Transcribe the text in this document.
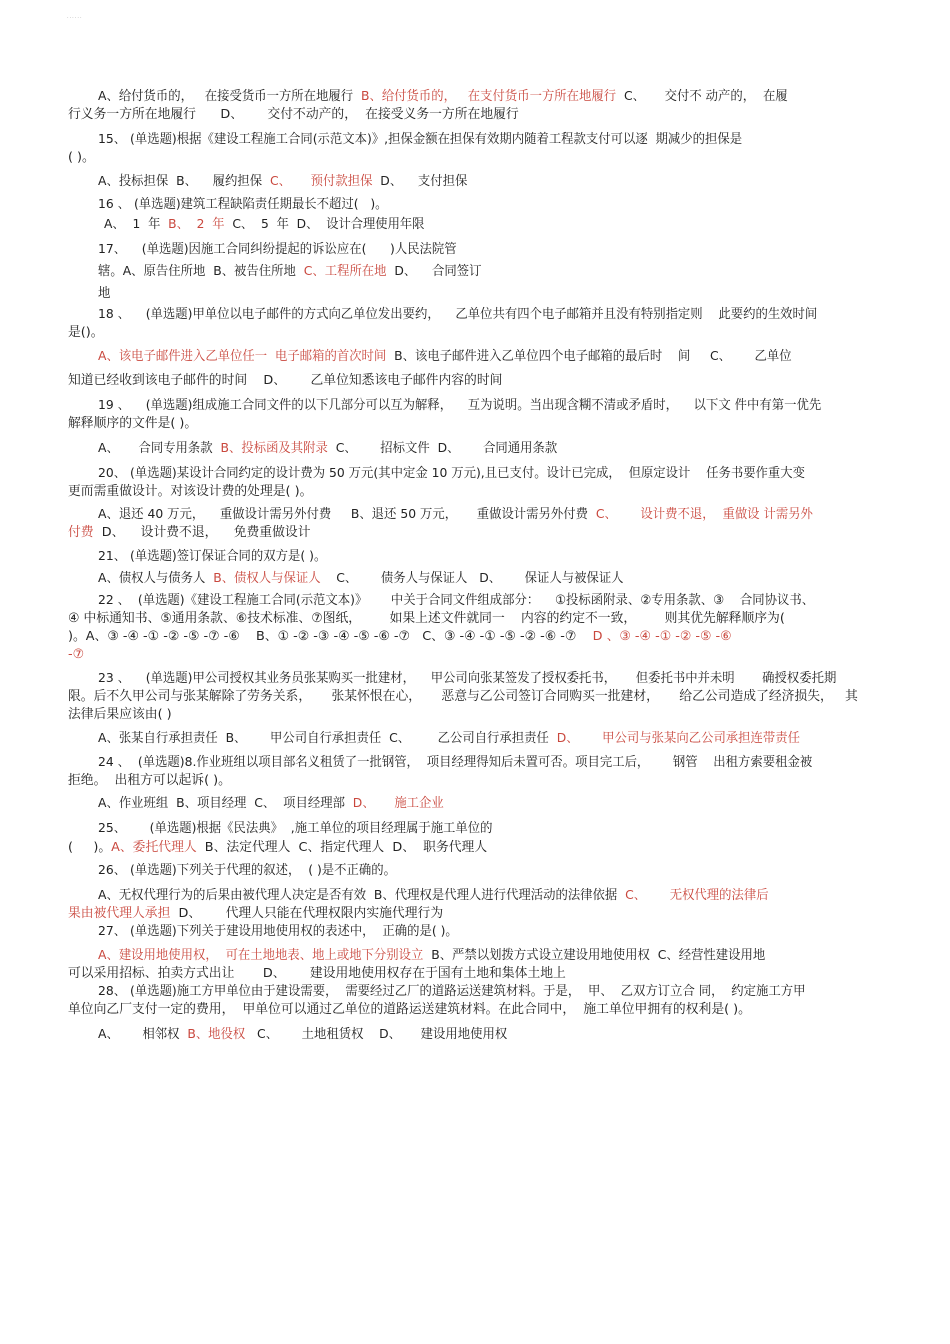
......
A、给付货币的，   在接受货币一方所在地履行  B、给付货币的，   在支付货币一方所在地履行  C、     交付不 动产的，  在履
行义务一方所在地履行      D、      交付不动产的，  在接受义务一方所在地履行
15、 (单选题)根据《建设工程施工合同(示范文本)》,担保金额在担保有效期内随着工程款支付可以逐  期减少的担保是
( )。
A、投标担保  B、    履约担保  C、     预付款担保  D、    支付担保
16 、 (单选题)建筑工程缺陷责任期最长不超过(   )。
A、  1  年  B、  2  年  C、  5  年  D、  设计合理使用年限
17、    (单选题)因施工合同纠纷提起的诉讼应在(      )人民法院管
辖。A、原告住所地  B、被告住所地  C、工程所在地  D、    合同签订
地
18 、    (单选题)甲单位以电子邮件的方式向乙单位发出要约，    乙单位共有四个电子邮箱并且没有特别指定则    此要约的生效时间
是()。
A、该电子邮件进入乙单位任一  电子邮箱的首次时间  B、该电子邮件进入乙单位四个电子邮箱的最后时    间     C、      乙单位
知道已经收到该电子邮件的时间    D、      乙单位知悉该电子邮件内容的时间
19 、    (单选题)组成施工合同文件的以下几部分可以互为解释，    互为说明。当出现含糊不清或矛盾时，    以下文 件中有第一优先
解释顺序的文件是( )。
A、     合同专用条款  B、投标函及其附录  C、      招标文件  D、      合同通用条款
20、 (单选题)某设计合同约定的设计费为 50 万元(其中定金 10 万元),且已支付。设计已完成，  但原定设计    任务书要作重大变
更而需重做设计。对该设计费的处理是( )。
A、退还 40 万元，    重做设计需另外付费     B、退还 50 万元，     重做设计需另外付费  C、      设计费不退，  重做设 计需另外
付费  D、    设计费不退，    免费重做设计
21、 (单选题)签订保证合同的双方是( )。
A、债权人与债务人  B、债权人与保证人    C、      债务人与保证人   D、      保证人与被保证人
22 、  (单选题)《建设工程施工合同(示范文本)》      中关于合同文件组成部分：    ①投标函附录、②专用条款、③    合同协议书、
④ 中标通知书、⑤通用条款、⑥技术标准、⑦图纸，       如果上述文件就同一    内容的约定不一致，       则其优先解释顺序为(
)。A、③ -④ -① -② -⑤ -⑦ -⑥    B、① -② -③ -④ -⑤ -⑥ -⑦   C、③ -④ -① -⑤ -② -⑥ -⑦    D 、③ -④ -① -② -⑤ -⑥
-⑦
23 、    (单选题)甲公司授权其业务员张某购买一批建材，    甲公司向张某签发了授权委托书，     但委托书中并未明       确授权委托期
限。后不久甲公司与张某解除了劳务关系，     张某怀恨在心，     恶意与乙公司签订合同购买一批建材，     给乙公司造成了经济损失，   其
法律后果应该由( )
A、张某自行承担责任  B、      甲公司自行承担责任  C、       乙公司自行承担责任  D、      甲公司与张某向乙公司承担连带责任
24 、  (单选题)8.作业班组以项目部名义租赁了一批钢管，  项目经理得知后未置可否。项目完工后，      钢管    出租方索要租金被
拒绝。  出租方可以起诉( )。
A、作业班组  B、项目经理  C、  项目经理部  D、     施工企业
25、      (单选题)根据《民法典》  ,施工单位的项目经理属于施工单位的
(     )。A、委托代理人  B、法定代理人  C、指定代理人  D、  职务代理人
26、 (单选题)下列关于代理的叙述，  ( )是不正确的。
A、无权代理行为的后果由被代理人决定是否有效  B、代理权是代理人进行代理活动的法律依据  C、      无权代理的法律后
果由被代理人承担  D、      代理人只能在代理权限内实施代理行为
27、 (单选题)下列关于建设用地使用权的表述中，  正确的是( )。
A、建设用地使用权，  可在土地地表、地上或地下分别设立  B、严禁以划拨方式设立建设用地使用权  C、经营性建设用地
可以采用招标、拍卖方式出让       D、      建设用地使用权存在于国有土地和集体土地上
28、 (单选题)施工方甲单位由于建设需要，  需要经过乙厂的道路运送建筑材料。于是，  甲、  乙双方订立合 同，  约定施工方甲
单位向乙厂支付一定的费用，  甲单位可以通过乙单位的道路运送建筑材料。在此合同中，  施工单位甲拥有的权利是( )。
A、      相邻权  B、地役权   C、      土地租赁权    D、     建设用地使用权
